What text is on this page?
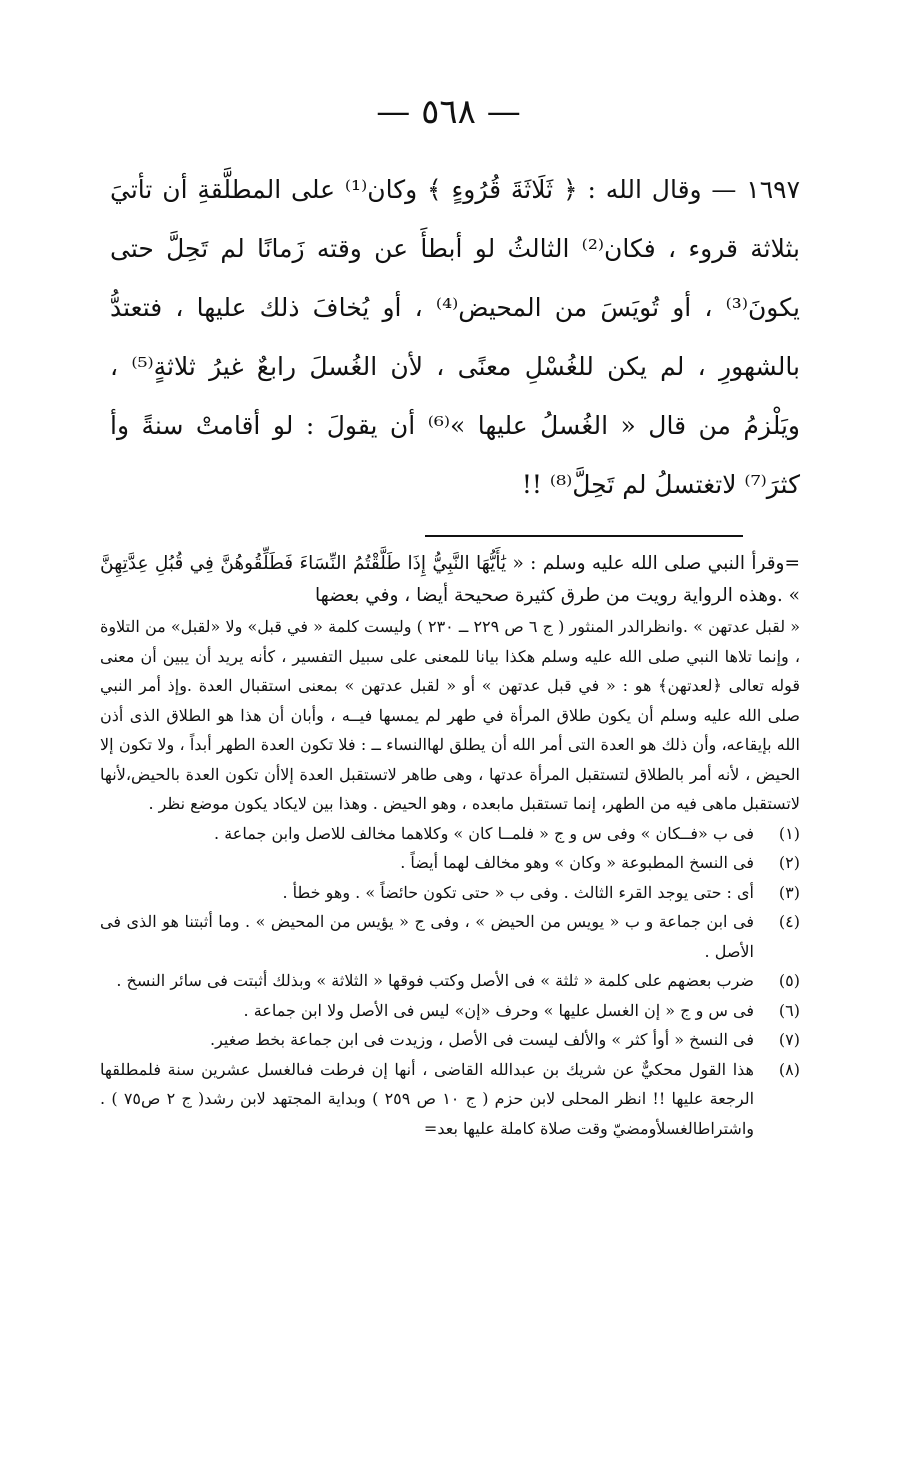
— ٥٦٨ —
١٦٩٧ — وقال الله : ﴿ ثَلَاثَةَ قُرُوءٍ ﴾ وكان⁽¹⁾ على المطلَّقةِ أن تأتيَ بثلاثة قروء ، فكان⁽²⁾ الثالثُ لو أبطأَ عن وقته زَمانًا لم تَحِلَّ حتى يكونَ⁽³⁾ ، أو تُويَسَ من المحيض⁽⁴⁾ ، أو يُخافَ ذلك عليها ، فتعتدُّ بالشهورِ ، لم يكن للغُسْلِ معنًى ، لأن الغُسلَ رابعٌ غيرُ ثلاثةٍ⁽⁵⁾ ، ويَلْزمُ من قال « الغُسلُ عليها »⁽⁶⁾ أن يقولَ : لو أقامتْ سنةً وأ كثرَ⁽⁷⁾ لاتغتسلُ لم تَحِلَّ⁽⁸⁾ !!

=وقرأ النبي صلى الله عليه وسلم : « يَٰأَيُّهَا النَّبِيُّ إِذَا طَلَّقْتُمُ النِّسَاءَ فَطَلِّقُوهُنَّ فِي قُبُلِ عِدَّتِهِنَّ » .وهذه الرواية رويت من طرق كثيرة صحيحة أيضا ، وفي بعضها

« لقبل عدتهن » .وانظرالدر المنثور ( ج ٦ ص ٢٢٩ ــ ٢٣٠ ) وليست كلمة « في قبل» ولا «لقبل» من التلاوة ، وإنما تلاها النبي صلى الله عليه وسلم هكذا بيانا للمعنى على سبيل التفسير ، كأنه يريد أن يبين أن معنى قوله تعالى ﴿لعدتهن﴾ هو : « في قبل عدتهن » أو « لقبل عدتهن » بمعنى استقبال العدة .وإذ أمر النبي صلى الله عليه وسلم أن يكون طلاق المرأة في طهر لم يمسها فيــه ، وأبان أن هذا هو الطلاق الذى أذن الله بإيقاعه، وأن ذلك هو العدة التى أمر الله أن يطلق لهاالنساء ــ : فلا تكون العدة الطهر أبداً ، ولا تكون إلا الحيض ، لأنه أمر بالطلاق لتستقبل المرأة عدتها ، وهى طاهر لاتستقبل العدة إلاأن تكون العدة بالحيض،لأنها لاتستقبل ماهى فيه من الطهر، إنما تستقبل مابعده ، وهو الحيض . وهذا بين لايكاد يكون موضع نظر .

(١)
فى ب «فــكان » وفى س و ج « فلمــا كان » وكلاهما مخالف للاصل وابن جماعة .
(٢)
فى النسخ المطبوعة « وكان » وهو مخالف لهما أيضاً .
(٣)
أى : حتى يوجد القرء الثالث . وفى ب « حتى تكون حائضاً » . وهو خطأ .
(٤)
فى ابن جماعة و ب « يويس من الحيض » ، وفى ج « يؤيس من المحيض » . وما أثبتنا هو الذى فى الأصل .
(٥)
ضرب بعضهم على كلمة « ثلثة » فى الأصل وكتب فوقها « الثلاثة » وبذلك أثبتت فى سائر النسخ .
(٦)
فى س و ج « إن الغسل عليها » وحرف «إن» ليس فى الأصل ولا ابن جماعة .
(٧)
فى النسخ « أوأ كثر » والألف ليست فى الأصل ، وزيدت فى ابن جماعة بخط صغير.
(٨)
هذا القول محكيٌّ عن شريك بن عبدالله القاضى ، أنها إن فرطت فىالغسل عشرين سنة فلمطلقها الرجعة عليها !! انظر المحلى لابن حزم ( ج ١٠ ص ٢٥٩ ) وبداية المجتهد لابن رشد( ج ٢ ص٧٥ ) . واشتراطالغسلأومضيّ وقت صلاة كاملة عليها بعد=
